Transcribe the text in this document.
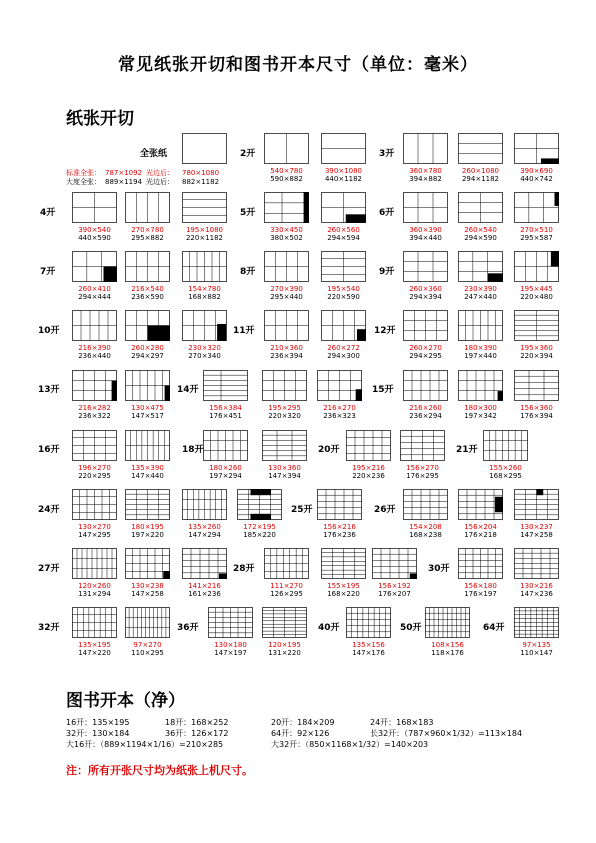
常见纸张开切和图书开本尺寸（单位：毫米）
纸张开切
全张纸
标准全张： 787×1092 光边后： 780×1080
大度全张： 889×1194 光边后： 882×1182
2开
540×780
590×882
390×1080
440×1182
3开
360×780
394×882
260×1080
294×1182
390×690
440×742
4开
390×540
440×590
270×780
295×882
195×1080
220×1182
5开
330×450
380×502
260×560
294×594
6开
360×390
394×440
260×540
294×590
270×510
295×587
7开
260×410
294×444
216×540
236×590
154×780
168×882
8开
270×390
295×440
195×540
220×590
9开
260×360
294×394
230×390
247×440
195×445
220×480
10开
216×390
236×440
260×280
294×297
230×320
270×340
11开
210×360
236×394
260×272
294×300
12开
260×270
294×295
180×390
197×440
195×360
220×394
13开
216×282
236×322
130×475
147×517
14开
156×384
176×451
195×295
220×320
216×270
236×323
15开
216×260
236×294
180×300
197×342
156×360
176×394
16开
196×270
220×295
135×390
147×440
18开
180×260
197×294
130×360
147×394
20开
195×216
220×236
156×270
176×295
21开
155×260
168×295
24开
130×270
147×295
180×195
197×220
135×260
147×294
172×195
185×220
25开
156×216
176×236
26开
154×208
168×238
156×204
176×218
130×237
147×258
27开
120×260
131×294
130×238
147×258
141×216
161×236
28开
111×270
126×295
155×195
168×220
156×192
176×207
30开
156×180
176×197
130×216
147×236
32开
135×195
147×220
97×270
110×295
36开
130×180
147×197
120×195
131×220
40开
135×156
147×176
50开
108×156
118×176
64开
97×135
110×147
图书开本（净）
16开：135×195	18开：168×252	20开：184×209	24开：168×183
32开：130×184	36开：126×172	64开：92×126	长32开：（787×960×1/32）=113×184
大16开：（889×1194×1/16）=210×285	大32开：（850×1168×1/32）=140×203
注：所有开张尺寸均为纸张上机尺寸。
